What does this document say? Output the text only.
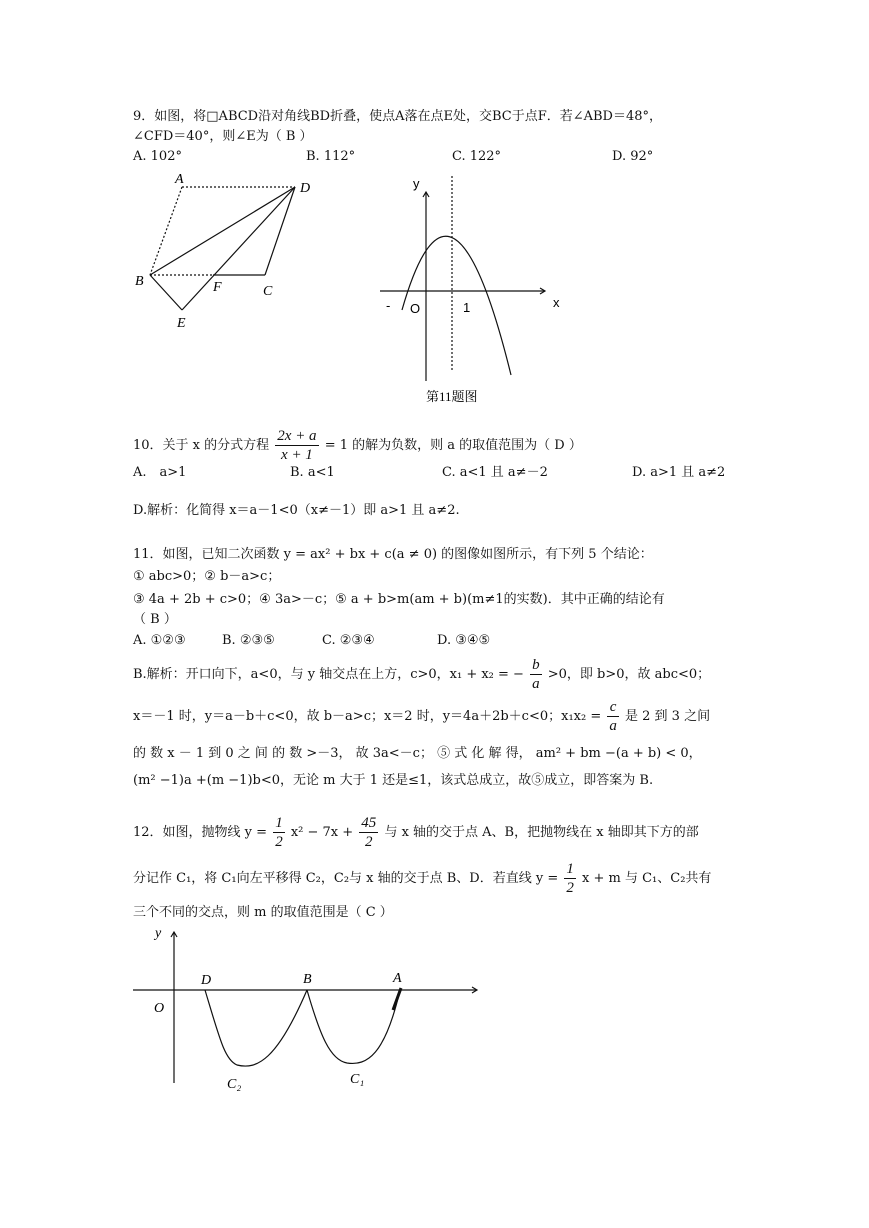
9．如图，将□ABCD沿对角线BD折叠，使点A落在点E处，交BC于点F．若∠ABD＝48°，
∠CFD＝40°，则∠E为（ B ）
A. 102°	B. 112°	C. 122°	D. 92°
A
D
B	F	C
E
y
x
- O	1
第11题图
10．关于 x 的分式方程 $\frac{2x + a}{x + 1} = 1$ 的解为负数，则 a 的取值范围为（ D ）
A.　a>1	B. a<1	C. a<1 且 a≠－2	D. a>1 且 a≠2
D.解析：化简得 x＝a－1<0（x≠－1）即 a>1 且 a≠2.
11．如图，已知二次函数 y = ax² + bx + c(a ≠ 0) 的图像如图所示，有下列 5 个结论：
① abc>0；② b－a>c；
③ 4a + 2b + c>0；④ 3a>－c；⑤ a + b>m(am + b)(m≠1的实数)．其中正确的结论有
（ B ）
A. ①②③	B. ②③⑤	C. ②③④	D. ③④⑤
B.解析：开口向下，a<0，与 y 轴交点在上方，c>0，x₁ + x₂ = − $\frac{b}{a} >0$，即 b>0，故 abc<0；
x＝－1 时，y＝a－b＋c<0，故 b－a>c；x＝2 时，y＝4a＋2b＋c<0；$x_1x_2 = \frac{c}{a}$ 是 2 到 3 之间
的 数 x － 1 到 0 之 间 的 数 >－3， 故 3a<－c； ⑤ 式 化 解 得， am² + bm −(a + b) < 0，
(m² −1)a +(m −1)b<0，无论 m 大于 1 还是≤1，该式总成立，故⑤成立，即答案为 B.
12．如图，抛物线 $y = \frac{1}{2} x^2 - 7x + \frac{45}{2}$ 与 x 轴的交于点 A、B，把抛物线在 x 轴即其下方的部
分记作 C₁，将 C₁向左平移得 C₂，C₂与 x 轴的交于点 B、D．若直线 $y = \frac{1}{2}$ x + m 与 C₁、C₂共有
三个不同的交点，则 m 的取值范围是（ C ）
y
O
D	B	A
C₂	C₁
